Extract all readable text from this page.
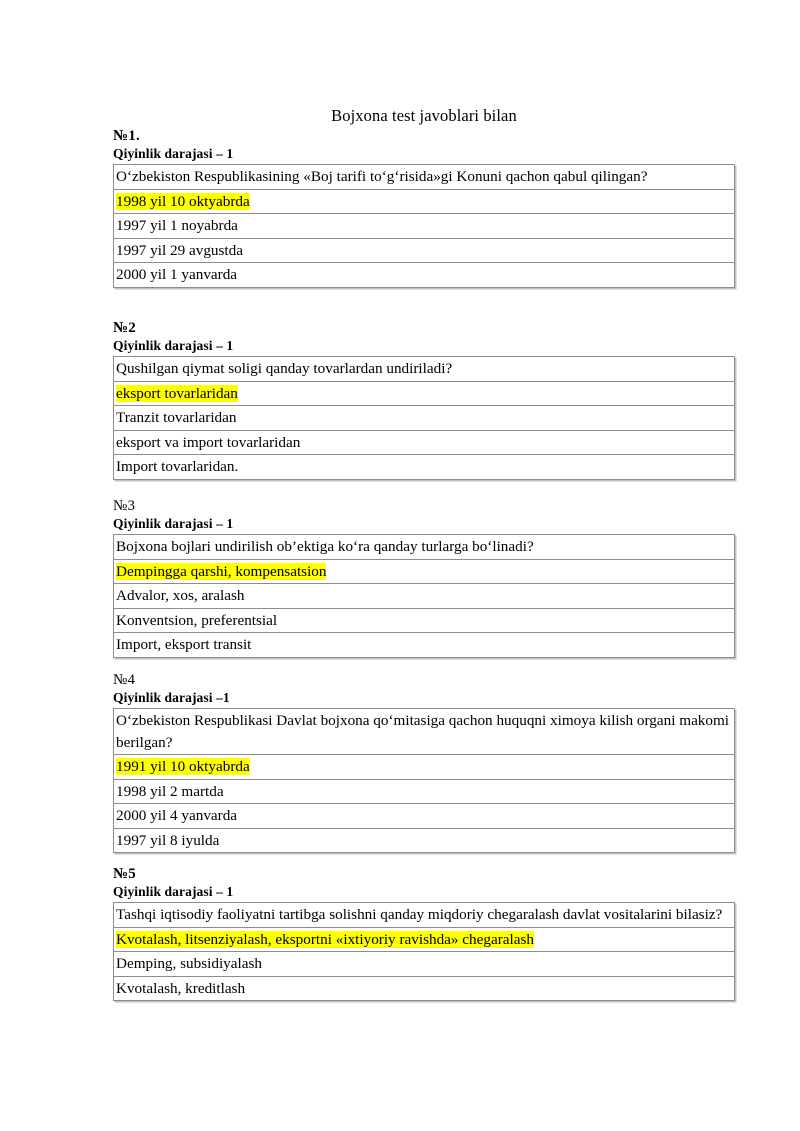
Bojxona test javoblari bilan
№1.
Qiyinlik darajasi – 1
O‘zbekiston Respublikasining «Boj tarifi to‘g‘risida»gi Konuni qachon qabul qilingan?
1998 yil 10 oktyabrda
1997 yil 1 noyabrda
1997 yil 29 avgustda
2000 yil 1 yanvarda
№2
Qiyinlik darajasi – 1
Qushilgan qiymat soligi qanday tovarlardan undiriladi?
eksport tovarlaridan
Tranzit tovarlaridan
eksport va import tovarlaridan
Import tovarlaridan.
№3
Qiyinlik darajasi – 1
Bojxona bojlari undirilish ob’ektiga ko‘ra qanday turlarga bo‘linadi?
Dempingga qarshi, kompensatsion
Advalor, xos, aralash
Konventsion, preferentsial
Import, eksport transit
№4
Qiyinlik darajasi –1
O‘zbekiston Respublikasi Davlat bojxona qo‘mitasiga qachon huquqni ximoya kilish organi makomi berilgan?
1991 yil 10 oktyabrda
1998 yil 2 martda
2000 yil 4 yanvarda
1997 yil 8 iyulda
№5
Qiyinlik darajasi – 1
Tashqi iqtisodiy faoliyatni tartibga solishni qanday miqdoriy chegaralash davlat vositalarini bilasiz?
Kvotalash, litsenziyalash, eksportni «ixtiyoriy ravishda» chegaralash
Demping, subsidiyalash
Kvotalash, kreditlash
